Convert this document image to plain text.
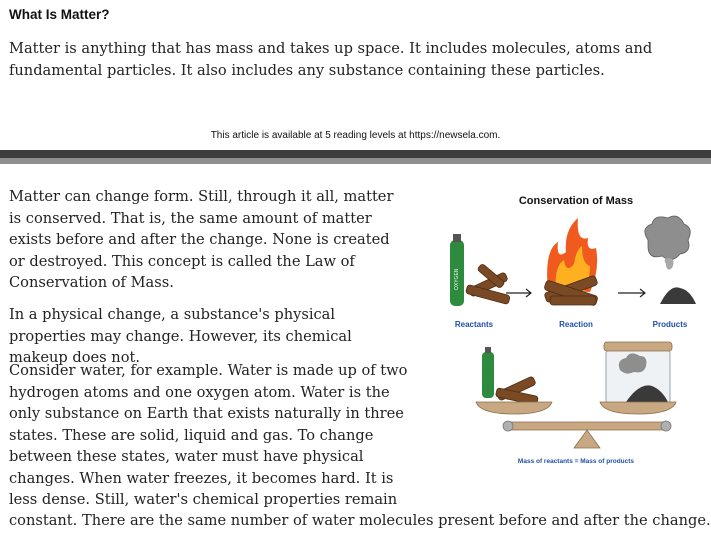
What Is Matter?

Matter is anything that has mass and takes up space. It includes molecules, atoms and fundamental particles. It also includes any substance containing these particles.

This article is available at 5 reading levels at https://newsela.com.

Matter can change form. Still, through it all, matter is conserved. That is, the same amount of matter exists before and after the change. None is created or destroyed. This concept is called the Law of Conservation of Mass.

In a physical change, a substance's physical properties may change. However, its chemical makeup does not.

Consider water, for example. Water is made up of two hydrogen atoms and one oxygen atom. Water is the only substance on Earth that exists naturally in three states. These are solid, liquid and gas. To change between these states, water must have physical changes. When water freezes, it becomes hard. It is less dense. Still, water's chemical properties remain

constant. There are the same number of water molecules present before and after the change.

Conservation of Mass
OXYGEN
Reactants	Reaction	Products
Mass of reactants = Mass of products
